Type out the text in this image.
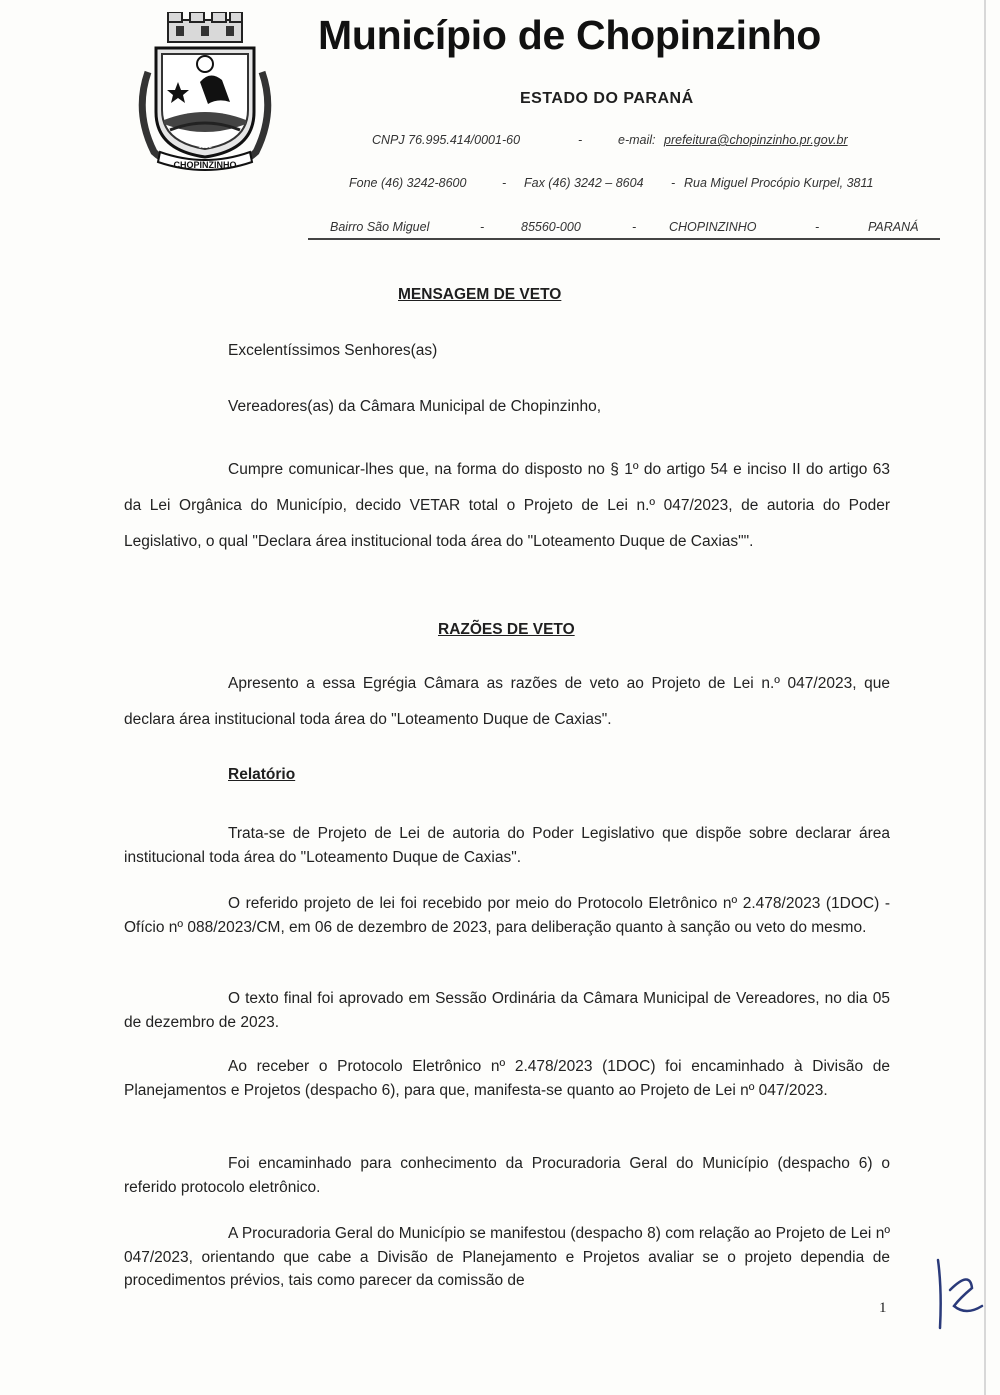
CHOPINZINHO
1955
Município de Chopinzinho
ESTADO DO PARANÁ
CNPJ 76.995.414/0001-60	-	e-mail: prefeitura@chopinzinho.pr.gov.br
Fone (46) 3242-8600	- Fax (46) 3242 – 8604 - Rua Miguel Procópio Kurpel, 3811
Bairro São Miguel	-	85560-000	-	CHOPINZINHO	-	PARANÁ
MENSAGEM DE VETO
Excelentíssimos Senhores(as)
Vereadores(as) da Câmara Municipal de Chopinzinho,

Cumpre comunicar-lhes que, na forma do disposto no § 1º do artigo 54 e inciso II do artigo 63 da Lei Orgânica do Município, decido VETAR total o Projeto de Lei n.º 047/2023, de autoria do Poder Legislativo, o qual "Declara área institucional toda área do "Loteamento Duque de Caxias"".

RAZÕES DE VETO

Apresento a essa Egrégia Câmara as razões de veto ao Projeto de Lei n.º 047/2023, que declara área institucional toda área do "Loteamento Duque de Caxias".

Relatório

Trata-se de Projeto de Lei de autoria do Poder Legislativo que dispõe sobre declarar área institucional toda área do "Loteamento Duque de Caxias".

O referido projeto de lei foi recebido por meio do Protocolo Eletrônico nº 2.478/2023 (1DOC) - Ofício nº 088/2023/CM, em 06 de dezembro de 2023, para deliberação quanto à sanção ou veto do mesmo.

O texto final foi aprovado em Sessão Ordinária da Câmara Municipal de Vereadores, no dia 05 de dezembro de 2023.

Ao receber o Protocolo Eletrônico nº 2.478/2023 (1DOC) foi encaminhado à Divisão de Planejamentos e Projetos (despacho 6), para que, manifesta-se quanto ao Projeto de Lei nº 047/2023.

Foi encaminhado para conhecimento da Procuradoria Geral do Município (despacho 6) o referido protocolo eletrônico.

A Procuradoria Geral do Município se manifestou (despacho 8) com relação ao Projeto de Lei nº 047/2023, orientando que cabe a Divisão de Planejamento e Projetos avaliar se o projeto dependia de procedimentos prévios, tais como parecer da comissão de

1
